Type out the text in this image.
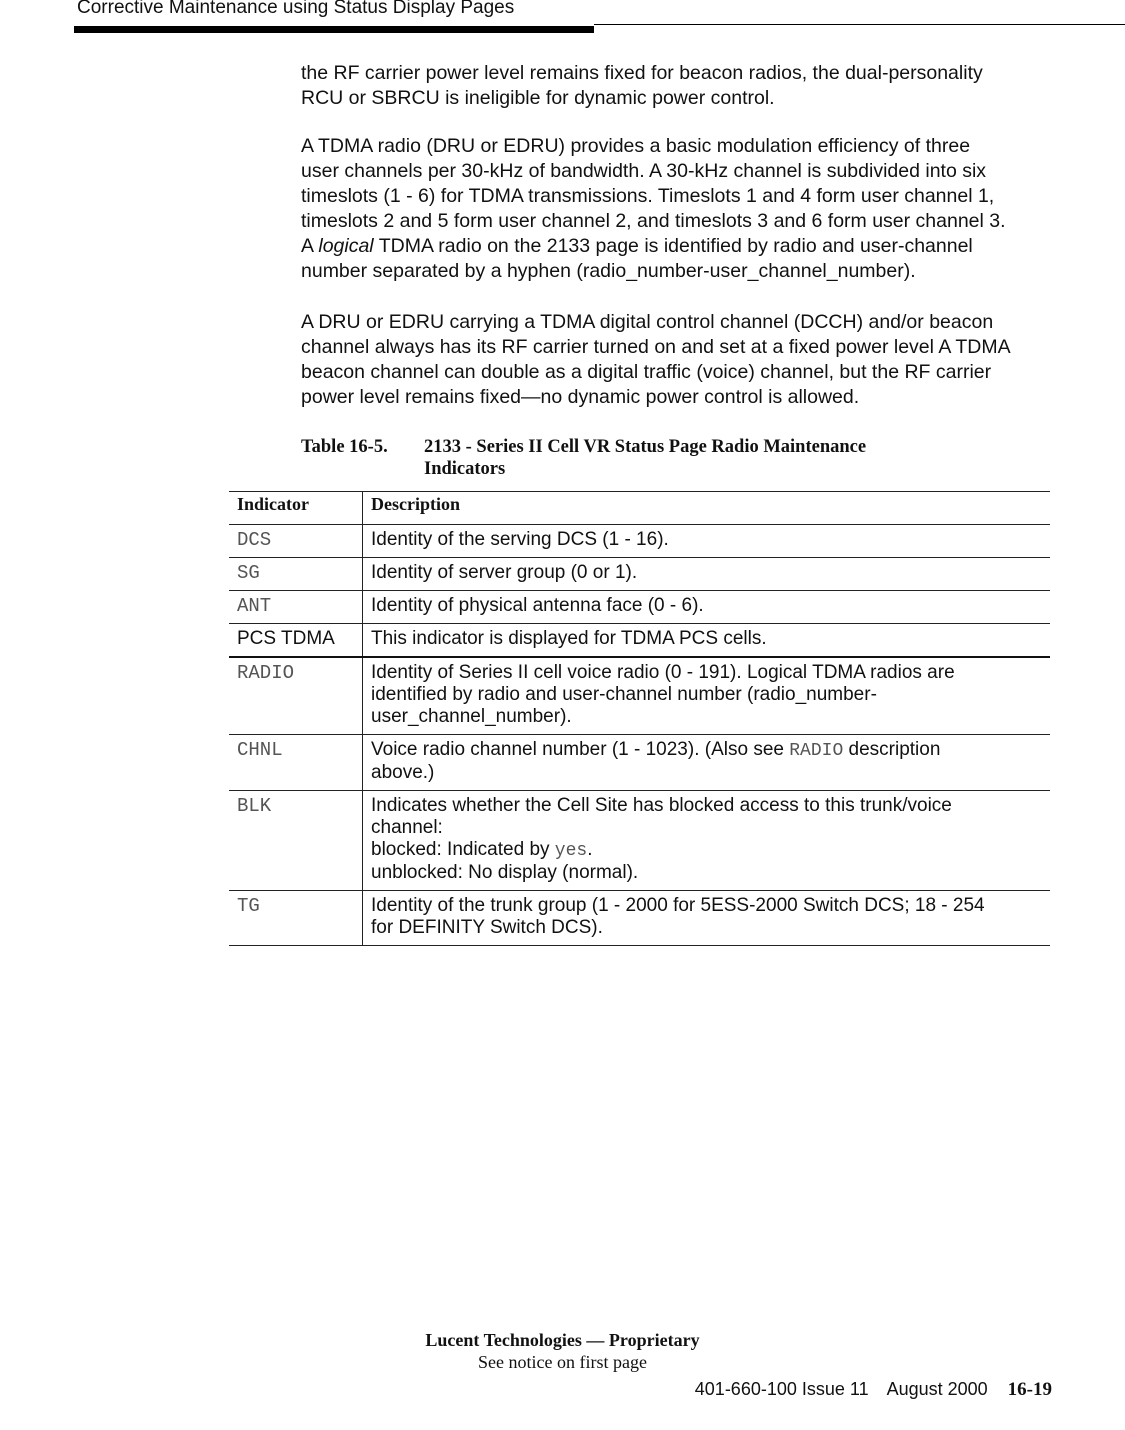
Corrective Maintenance using Status Display Pages
the RF carrier power level remains fixed for beacon radios, the dual-personality
RCU or SBRCU is ineligible for dynamic power control.
A TDMA radio (DRU or EDRU) provides a basic modulation efficiency of three
user channels per 30-kHz of bandwidth. A 30-kHz channel is subdivided into six
timeslots (1 - 6) for TDMA transmissions. Timeslots 1 and 4 form user channel 1,
timeslots 2 and 5 form user channel 2, and timeslots 3 and 6 form user channel 3.
A logical TDMA radio on the 2133 page is identified by radio and user-channel
number separated by a hyphen (radio_number-user_channel_number).
A DRU or EDRU carrying a TDMA digital control channel (DCCH) and/or beacon
channel always has its RF carrier turned on and set at a fixed power level A TDMA
beacon channel can double as a digital traffic (voice) channel, but the RF carrier
power level remains fixed—no dynamic power control is allowed.
Table 16-5. 2133 - Series II Cell VR Status Page Radio Maintenance
Indicators
Indicator	Description
DCS	Identity of the serving DCS (1 - 16).

SG	Identity of server group (0 or 1).

ANT	Identity of physical antenna face (0 - 6).

PCS TDMA	This indicator is displayed for TDMA PCS cells.

RADIO	Identity of Series II cell voice radio (0 - 191). Logical TDMA radios are
identified by radio and user-channel number (radio_number-
user_channel_number).

CHNL	Voice radio channel number (1 - 1023). (Also see RADIO description
above.)

BLK	Indicates whether the Cell Site has blocked access to this trunk/voice
channel:
blocked: Indicated by yes.
unblocked: No display (normal).

TG	Identity of the trunk group (1 - 2000 for 5ESS-2000 Switch DCS; 18 - 254
for DEFINITY Switch DCS).
Lucent Technologies — Proprietary
See notice on first page
401-660-100 Issue 11 August 2000 16-19
